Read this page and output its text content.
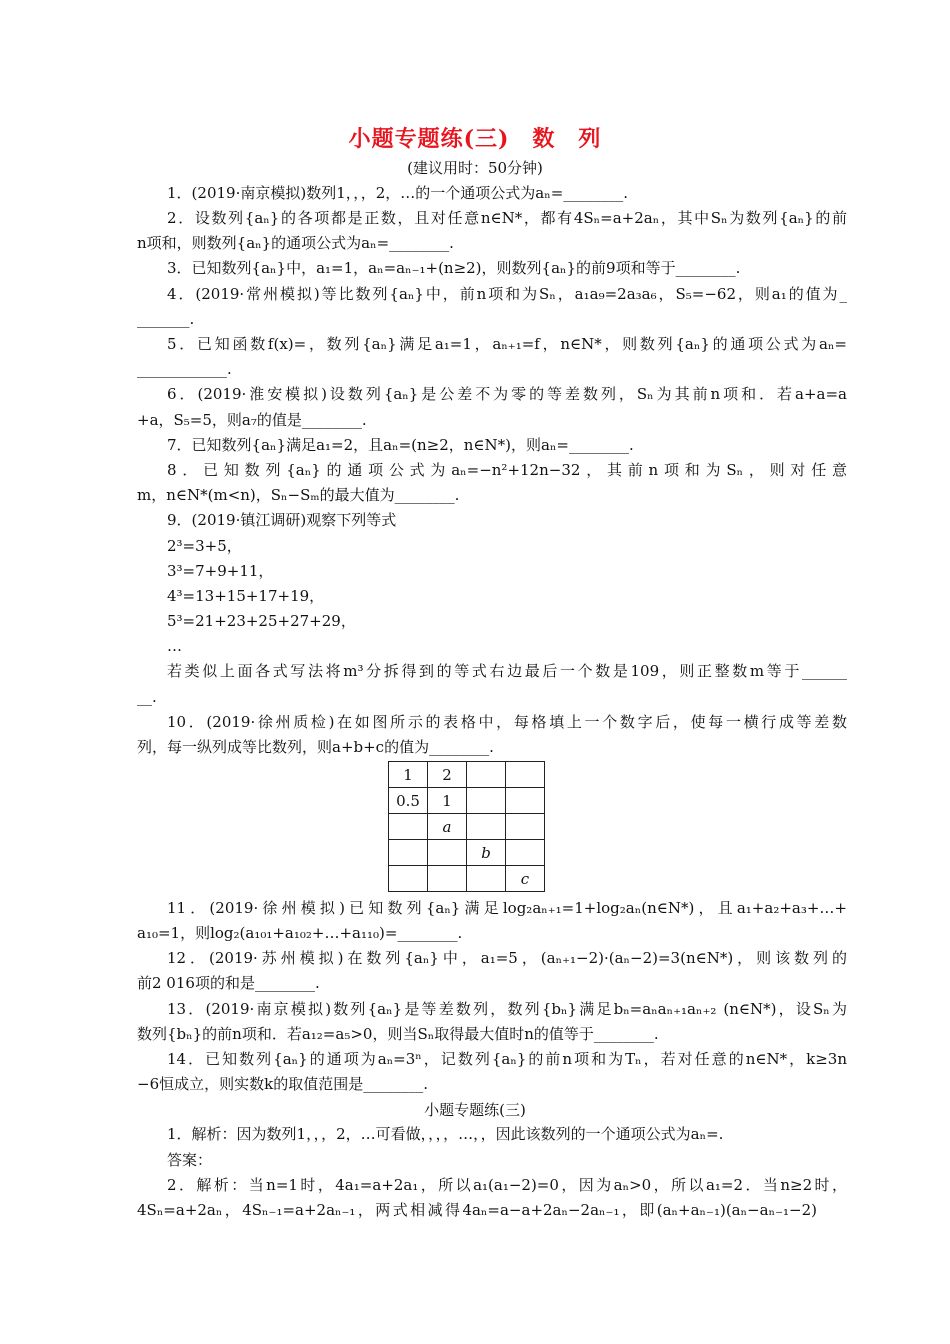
小题专题练(三)　数　列
(建议用时：50分钟)
1．(2019·南京模拟)数列1，，，2，…的一个通项公式为aₙ=________.
2．设数列{aₙ}的各项都是正数，且对任意n∈N*，都有4Sₙ=a+2aₙ，其中Sₙ为数列{aₙ}的前
n项和，则数列{aₙ}的通项公式为aₙ=________.
3．已知数列{aₙ}中，a₁=1，aₙ=aₙ₋₁+(n≥2)，则数列{aₙ}的前9项和等于________.
4．(2019·常州模拟)等比数列{aₙ}中，前n项和为Sₙ，a₁a₉=2a₃a₆，S₅=−62，则a₁的值为_
_______.
5．已知函数f(x)=，数列{aₙ}满足a₁=1，aₙ₊₁=f，n∈N*，则数列{aₙ}的通项公式为aₙ=
____________.
6．(2019·淮安模拟)设数列{aₙ}是公差不为零的等差数列，Sₙ为其前n项和．若a+a=a
+a，S₅=5，则a₇的值是________.
7．已知数列{aₙ}满足a₁=2，且aₙ=(n≥2，n∈N*)，则aₙ=________.
8．已知数列{aₙ}的通项公式为aₙ=−n²+12n−32，其前n项和为Sₙ，则对任意
m，n∈N*(m<n)，Sₙ−Sₘ的最大值为________.
9．(2019·镇江调研)观察下列等式
2³=3+5，
3³=7+9+11，
4³=13+15+17+19，
5³=21+23+25+27+29，
…
若类似上面各式写法将m³分拆得到的等式右边最后一个数是109，则正整数m等于______
__.
10．(2019·徐州质检)在如图所示的表格中，每格填上一个数字后，使每一横行成等差数
列，每一纵列成等比数列，则a+b+c的值为________.
1	2		
0.5	1		
	a		
		b	
			c
11．(2019·徐州模拟)已知数列{aₙ}满足log₂aₙ₊₁=1+log₂aₙ(n∈N*)，且a₁+a₂+a₃+…+
a₁₀=1，则log₂(a₁₀₁+a₁₀₂+…+a₁₁₀)=________.
12．(2019·苏州模拟)在数列{aₙ}中，a₁=5，(aₙ₊₁−2)·(aₙ−2)=3(n∈N*)，则该数列的
前2 016项的和是________.
13．(2019·南京模拟)数列{aₙ}是等差数列，数列{bₙ}满足bₙ=aₙaₙ₊₁aₙ₊₂ (n∈N*)，设Sₙ为
数列{bₙ}的前n项和．若a₁₂=a₅>0，则当Sₙ取得最大值时n的值等于________.
14．已知数列{aₙ}的通项为aₙ=3ⁿ，记数列{aₙ}的前n项和为Tₙ，若对任意的n∈N*，k≥3n
−6恒成立，则实数k的取值范围是________.
小题专题练(三)
1．解析：因为数列1，，，2，…可看做，，，，…，，因此该数列的一个通项公式为aₙ=.
答案：
2．解析：当n=1时，4a₁=a+2a₁，所以a₁(a₁−2)=0，因为aₙ>0，所以a₁=2．当n≥2时，
4Sₙ=a+2aₙ，4Sₙ₋₁=a+2aₙ₋₁，两式相减得4aₙ=a−a+2aₙ−2aₙ₋₁，即(aₙ+aₙ₋₁)(aₙ−aₙ₋₁−2)
